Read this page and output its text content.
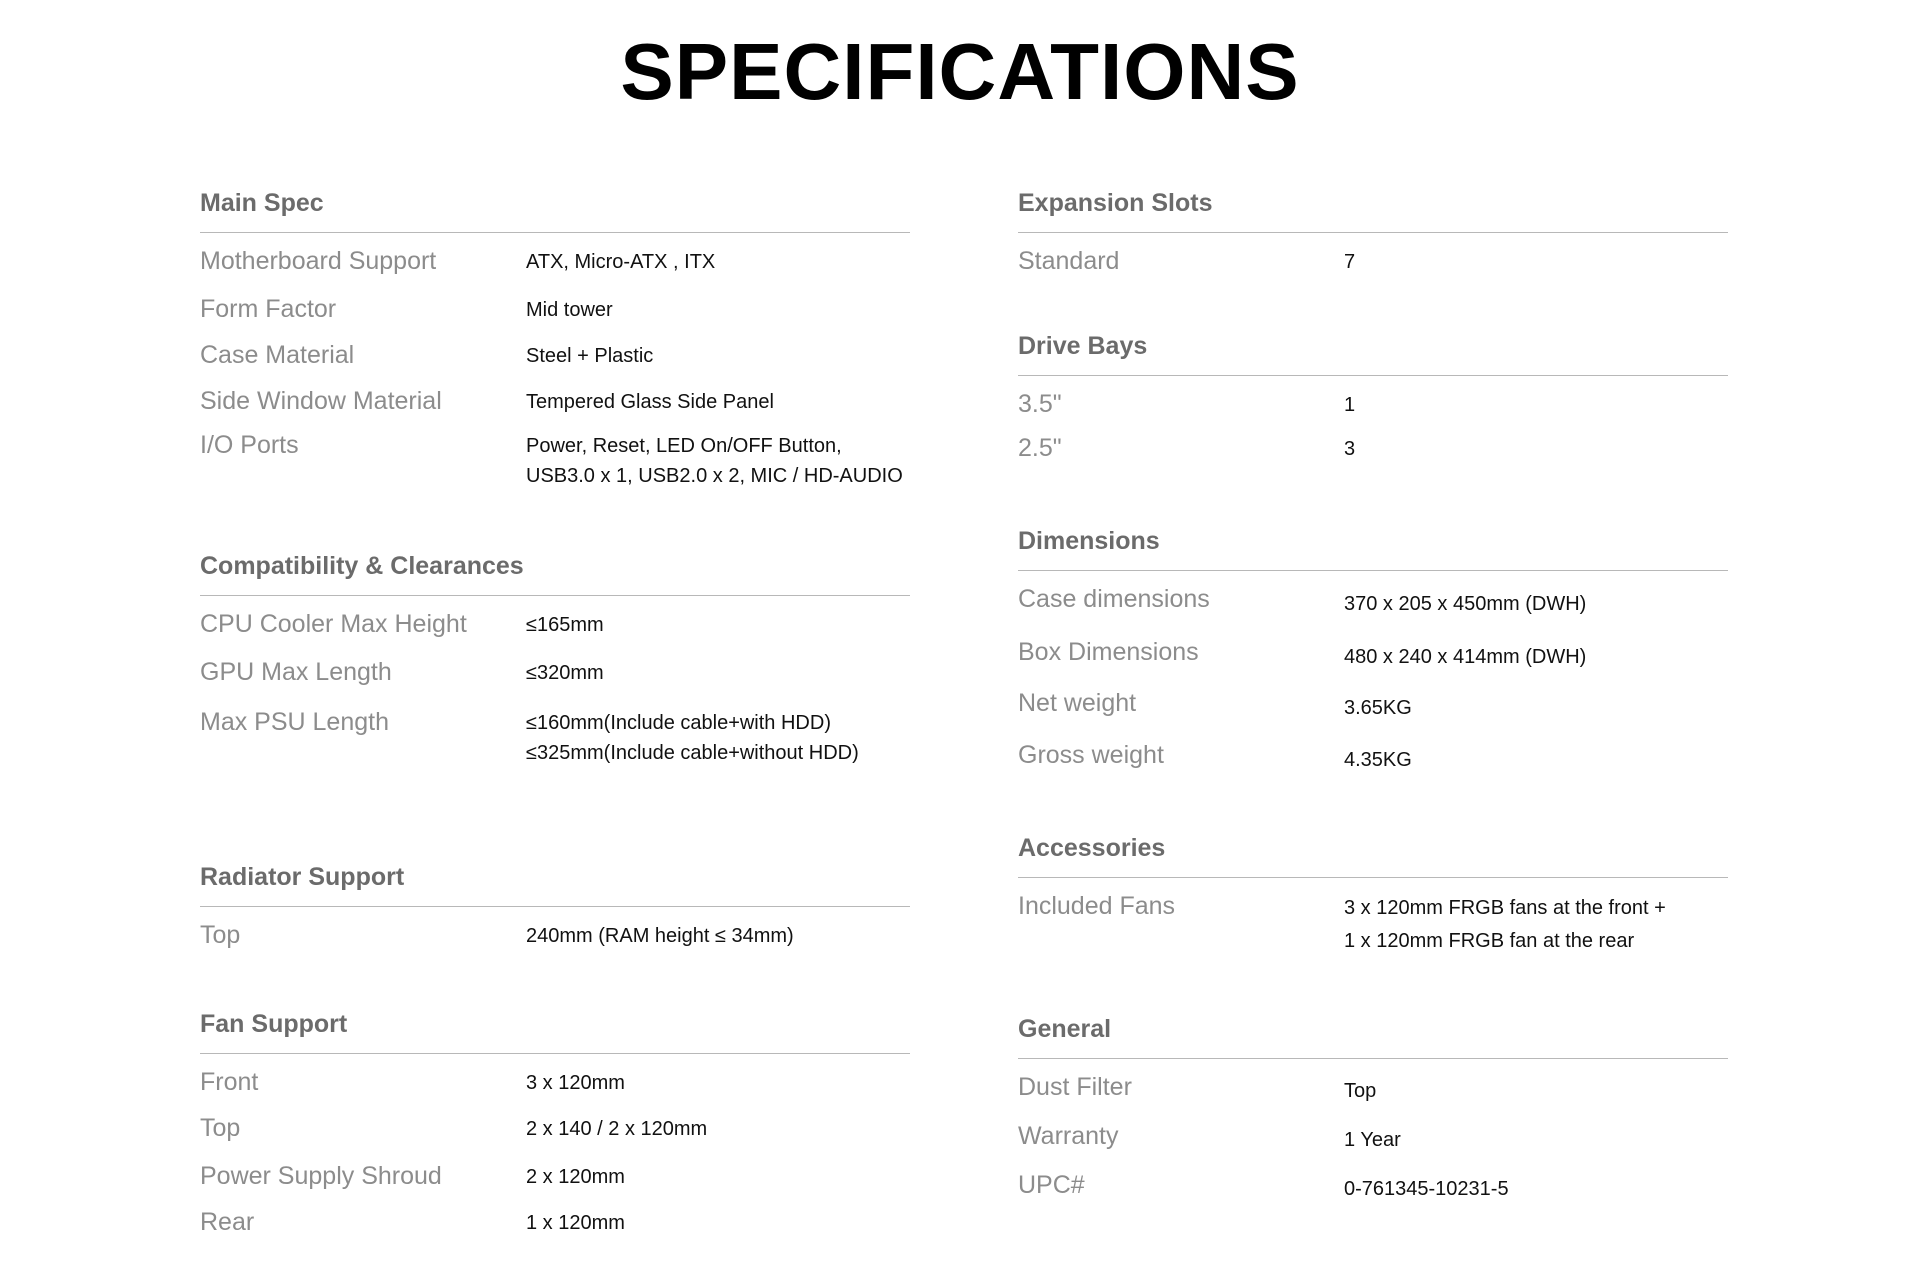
SPECIFICATIONS
Main Spec
Motherboard Support	ATX, Micro-ATX , ITX
Form Factor	Mid tower
Case Material	Steel + Plastic
Side Window Material	Tempered Glass Side Panel
I/O Ports	Power, Reset, LED On/OFF Button,
USB3.0 x 1, USB2.0 x 2, MIC / HD-AUDIO
Compatibility & Clearances
CPU Cooler Max Height	≤165mm
GPU Max Length	≤320mm
Max PSU Length	≤160mm(Include cable+with HDD)
≤325mm(Include cable+without HDD)
Radiator Support
Top	240mm (RAM height ≤ 34mm)
Fan Support
Front	3 x 120mm
Top	2 x 140 / 2 x 120mm
Power Supply Shroud	2 x 120mm
Rear	1 x 120mm
Expansion Slots
Standard	7
Drive Bays
3.5"	1
2.5"	3
Dimensions
Case dimensions	370 x 205 x 450mm (DWH)
Box Dimensions	480 x 240 x 414mm (DWH)
Net weight	3.65KG
Gross weight	4.35KG
Accessories
Included Fans	3 x 120mm FRGB fans at the front +
1 x 120mm FRGB fan at the rear
General
Dust Filter	Top
Warranty	1 Year
UPC#	0-761345-10231-5
